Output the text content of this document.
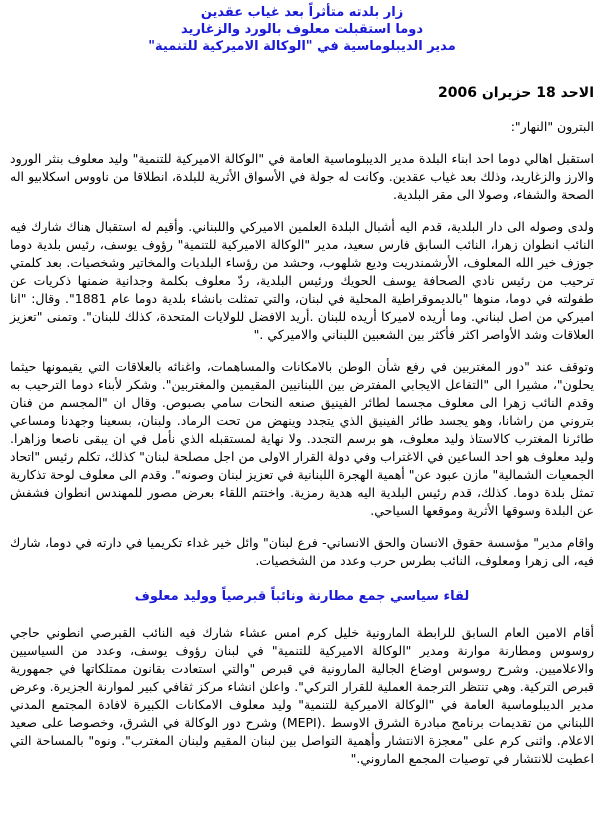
زار بلدته متأثراً بعد غياب عقدين
دوما استقبلت معلوف بالورد والزغاريد
مدير الديبلوماسية في "الوكالة الاميركية للتنمية"
الاحد 18 حزيران 2006
البترون "النهار":

استقبل اهالي دوما احد ابناء البلدة مدير الديبلوماسية العامة في "الوكالة الاميركية للتنمية" وليد معلوف بنثر الورود والارز والزغاريد، وذلك بعد غياب عقدين. وكانت له جولة في الأسواق الأثرية للبلدة، انطلاقا من ناووس اسكلابيو اله الصحة والشفاء، وصولا الى مقر البلدية.

ولدى وصوله الى دار البلدية، قدم اليه أشبال البلدة العلمين الاميركي واللبناني. وأقيم له استقبال هناك شارك فيه النائب انطوان زهرا، النائب السابق فارس سعيد، مدير "الوكالة الاميركية للتنمية" رؤوف يوسف، رئيس بلدية دوما جوزف خير الله المعلوف، الأرشمندريت وديع شلهوب، وحشد من رؤساء البلديات والمخاتير وشخصيات. بعد كلمتي ترحيب من رئيس نادي الصحافة يوسف الحويك ورئيس البلدية، ردّ معلوف بكلمة وجدانية ضمنها ذكريات عن طفولته في دوما، منوها "بالديموقراطية المحلية في لبنان، والتي تمثلت بانشاء بلدية دوما عام 1881". وقال: "انا اميركي من اصل لبناني. وما أريده لاميركا أريده للبنان .أريد الافضل للولايات المتحدة، كذلك للبنان". وتمنى "تعزيز العلاقات وشد الأواصر اكثر فأكثر بين الشعبين اللبناني والاميركي ."

وتوقف عند "دور المغتربين في رفع شأن الوطن بالامكانات والمساهمات، واغنائه بالعلاقات التي يقيمونها حيثما يحلون"، مشيرا الى "التفاعل الايجابي المفترض بين اللبنانيين المقيمين والمغتربين". وشكر لأبناء دوما الترحيب به وقدم النائب زهرا الى معلوف مجسما لطائر الفينيق صنعه النحات سامي بصبوص. وقال ان "المجسم من فنان بتروني من راشانا، وهو يجسد طائر الفينيق الذي يتجدد وينهض من تحت الرماد. ولبنان، بسعينا وجهدنا ومساعي طائرنا المغترب كالاستاذ وليد معلوف، هو برسم التجدد. ولا نهاية لمستقبله الذي نأمل في ان يبقى ناصعا وزاهرا. وليد معلوف هو احد الساعين في الاغتراب وفي دولة القرار الاولى من اجل مصلحة لبنان" كذلك، تكلم رئيس "اتحاد الجمعيات الشمالية" مازن عبود عن" أهمية الهجرة اللبنانية في تعزيز لبنان وصونه". وقدم الى معلوف لوحة تذكارية تمثل بلدة دوما. كذلك، قدم رئيس البلدية اليه هدية رمزية. واختتم اللقاء بعرض مصور للمهندس انطوان فشفش عن البلدة وسوقها الأثرية وموقعها السياحي.

واقام مدير" مؤسسة حقوق الانسان والحق الانساني- فرع لبنان" وائل خير غداء تكريميا في دارته في دوما، شارك فيه، الى زهرا ومعلوف، النائب بطرس حرب وعدد من الشخصيات.

لقاء سياسي جمع مطارنة ونائباً قبرصياً ووليد معلوف

أقام الامين العام السابق للرابطة المارونية خليل كرم امس عشاء شارك فيه النائب القبرصي انطوني حاجي روسوس ومطارنة موارنة ومدير "الوكالة الاميركية للتنمية" في لبنان رؤوف يوسف، وعدد من السياسيين والاعلاميين. وشرح روسوس اوضاع الجالية المارونية في قبرص "والتي استعادت بقانون ممتلكاتها في جمهورية قبرص التركية. وهي تنتظر الترجمة العملية للقرار التركي". واعلن انشاء مركز ثقافي كبير لموارنة الجزيرة. وعرض مدير الديبلوماسية العامة في "الوكالة الاميركية للتنمية" وليد معلوف الامكانات الكبيرة لافادة المجتمع المدني اللبناني من تقديمات برنامج مبادرة الشرق الاوسط .(MEPI) وشرح دور الوكالة في الشرق، وخصوصا على صعيد الاعلام. واثنى كرم على "معجزة الانتشار وأهمية التواصل بين لبنان المقيم ولبنان المغترب". ونوه" بالمساحة التي اعطيت للانتشار في توصيات المجمع الماروني."
